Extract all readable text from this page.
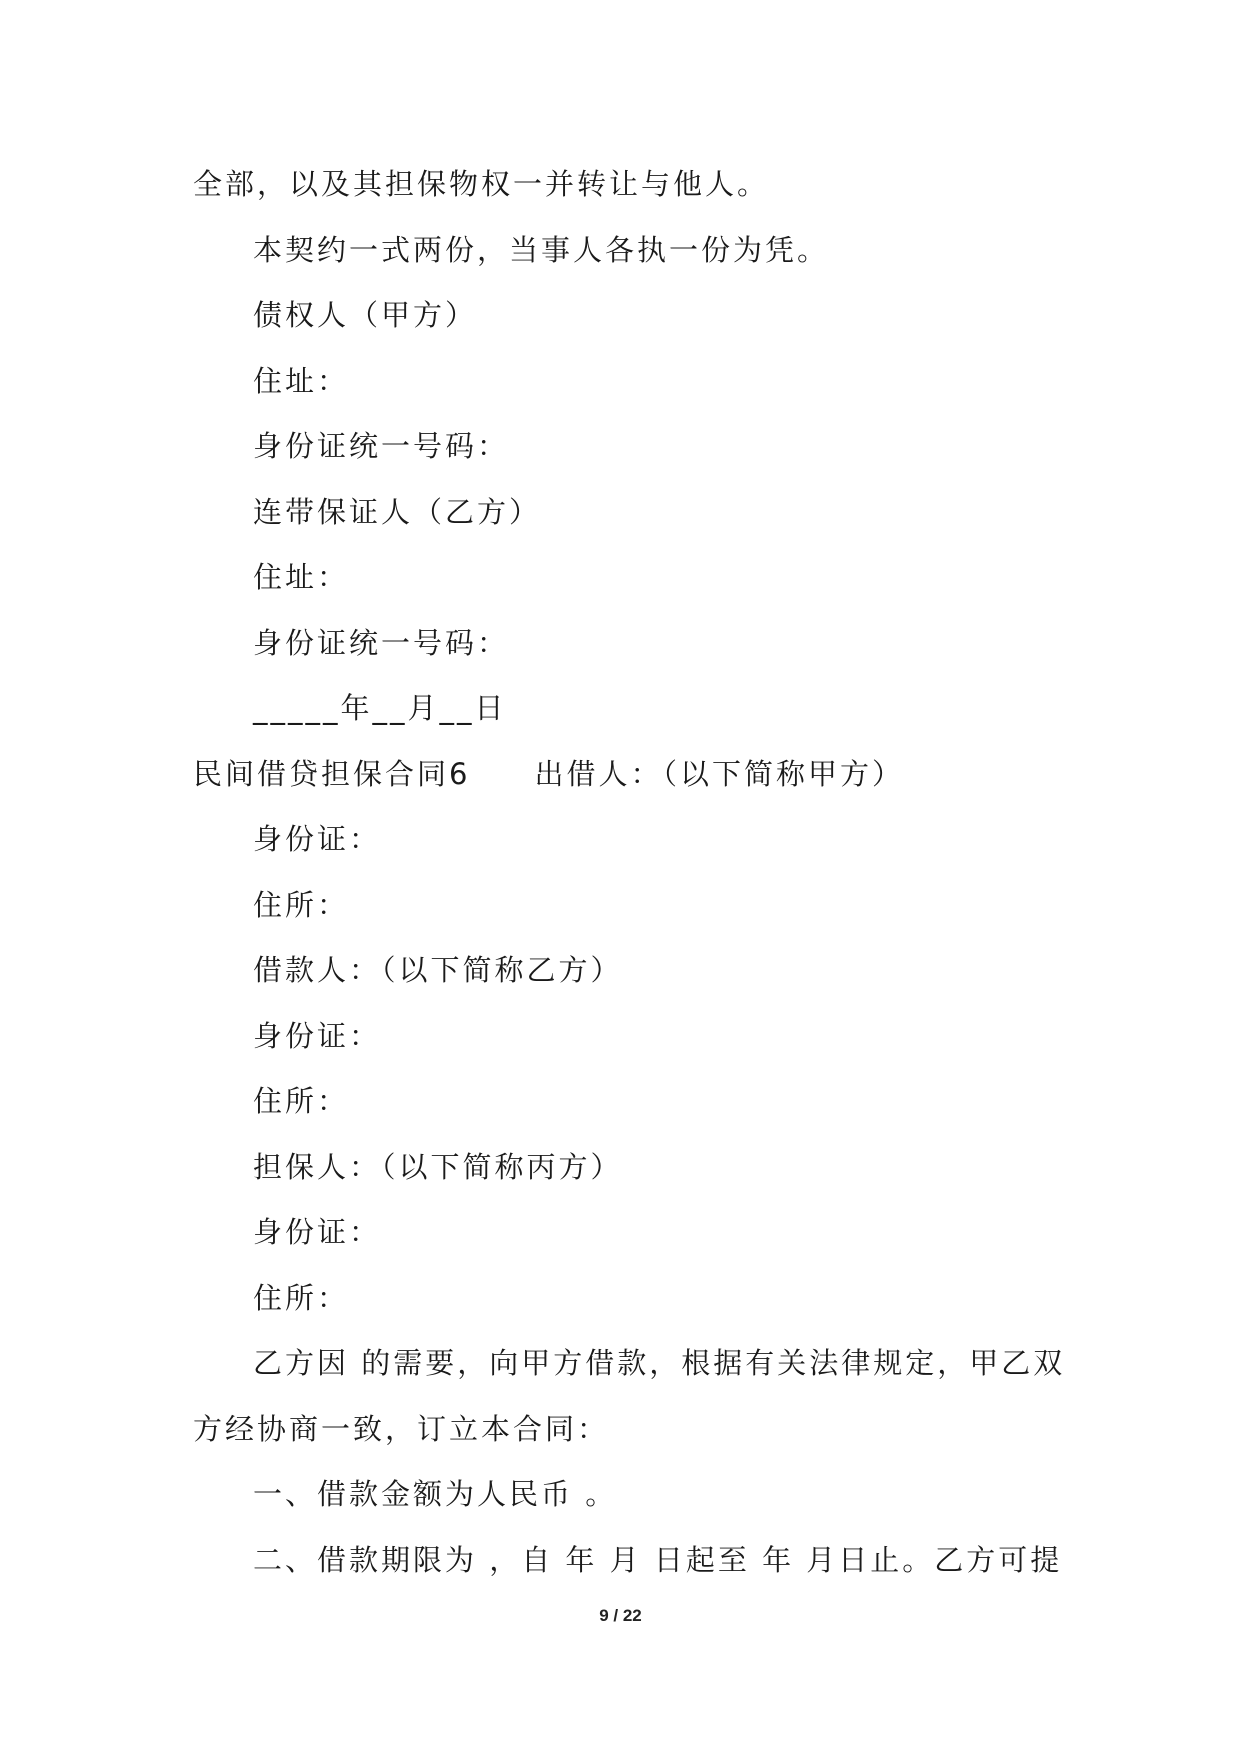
全部，以及其担保物权一并转让与他人。
本契约一式两份，当事人各执一份为凭。
债权人（甲方）
住址：
身份证统一号码：
连带保证人（乙方）
住址：
身份证统一号码：
_____年__月__日
民间借贷担保合同6　　出借人：（以下简称甲方）
身份证：
住所：
借款人：（以下简称乙方）
身份证：
住所：
担保人：（以下简称丙方）
身份证：
住所：
乙方因 的需要，向甲方借款，根据有关法律规定，甲乙双
方经协商一致，订立本合同：
一、借款金额为人民币 。
二、借款期限为 ，自 年 月 日起至 年 月日止。乙方可提
9 / 22
